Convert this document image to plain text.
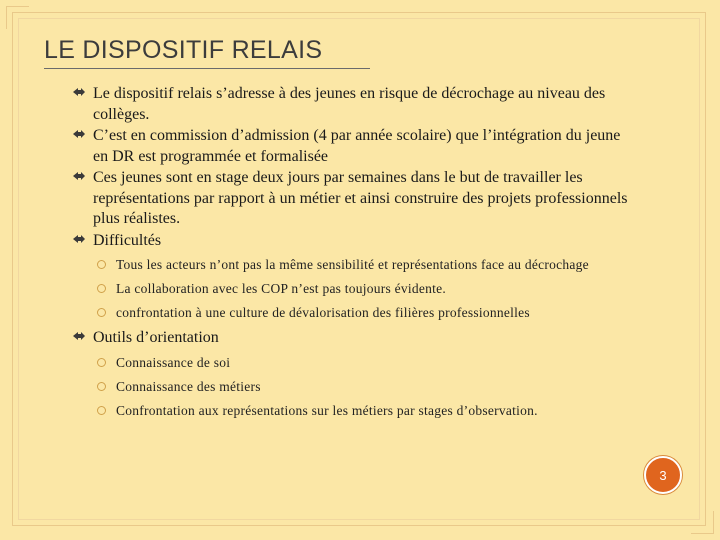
LE DISPOSITIF RELAIS
Le dispositif relais s’adresse à des jeunes en risque de décrochage au niveau des collèges.
C’est en commission d’admission (4 par année scolaire) que l’intégration du jeune en DR est programmée et formalisée
Ces jeunes sont en stage deux jours par semaines dans le but de travailler les représentations par rapport à un métier et ainsi construire des projets professionnels plus réalistes.
Difficultés
Tous les acteurs n’ont pas la même sensibilité et représentations face au décrochage
La collaboration avec les COP n’est pas toujours évidente.
confrontation à une culture de dévalorisation des filières professionnelles
Outils d’orientation
Connaissance de soi
Connaissance des métiers
Confrontation aux représentations sur les métiers par stages d’observation.
3
